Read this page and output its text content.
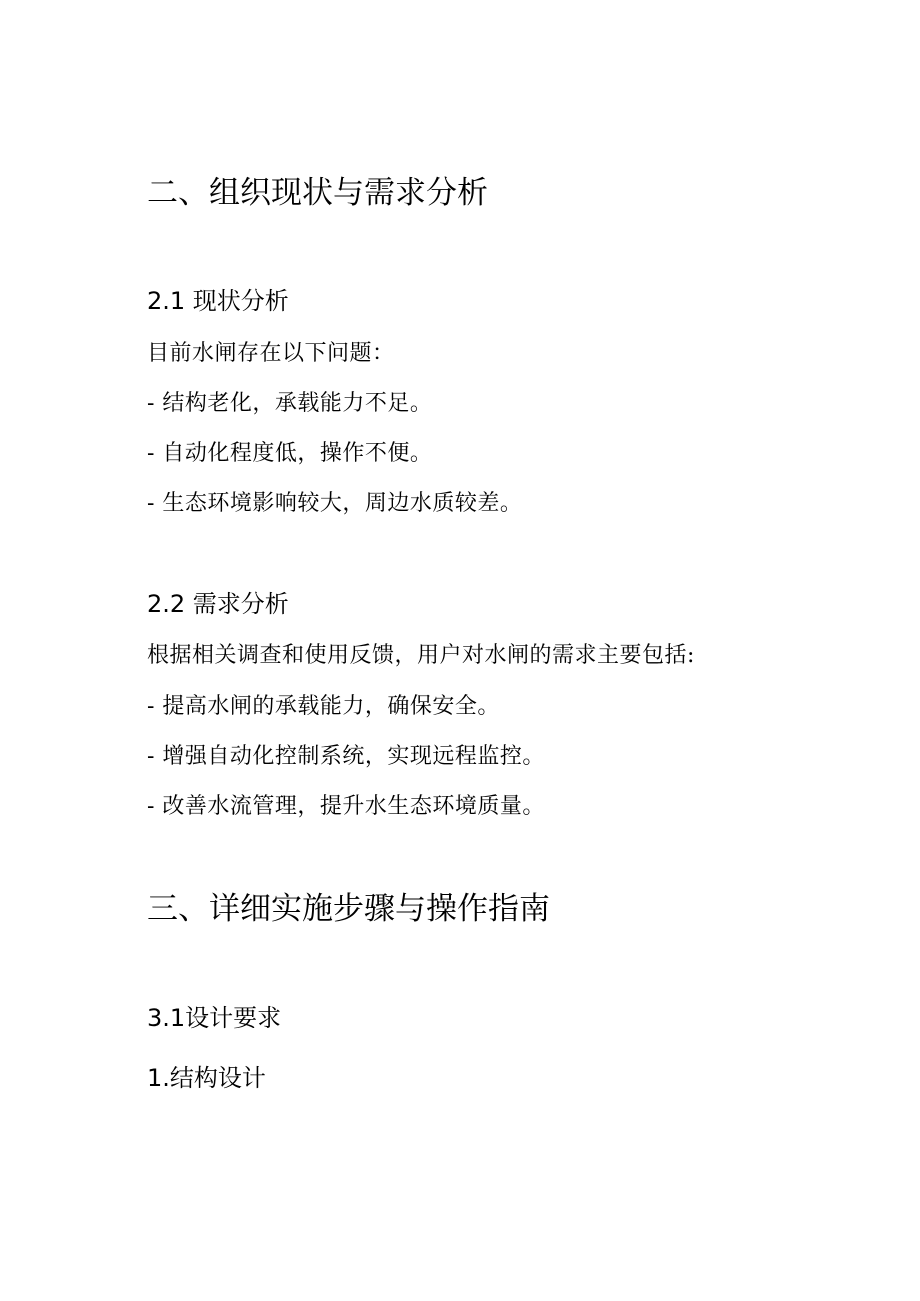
二、组织现状与需求分析
2.1 现状分析
目前水闸存在以下问题：
- 结构老化，承载能力不足。
- 自动化程度低，操作不便。
- 生态环境影响较大，周边水质较差。
2.2 需求分析
根据相关调查和使用反馈，用户对水闸的需求主要包括:
- 提高水闸的承载能力，确保安全。
- 增强自动化控制系统，实现远程监控。
- 改善水流管理，提升水生态环境质量。
三、详细实施步骤与操作指南
3.1设计要求
1.结构设计
